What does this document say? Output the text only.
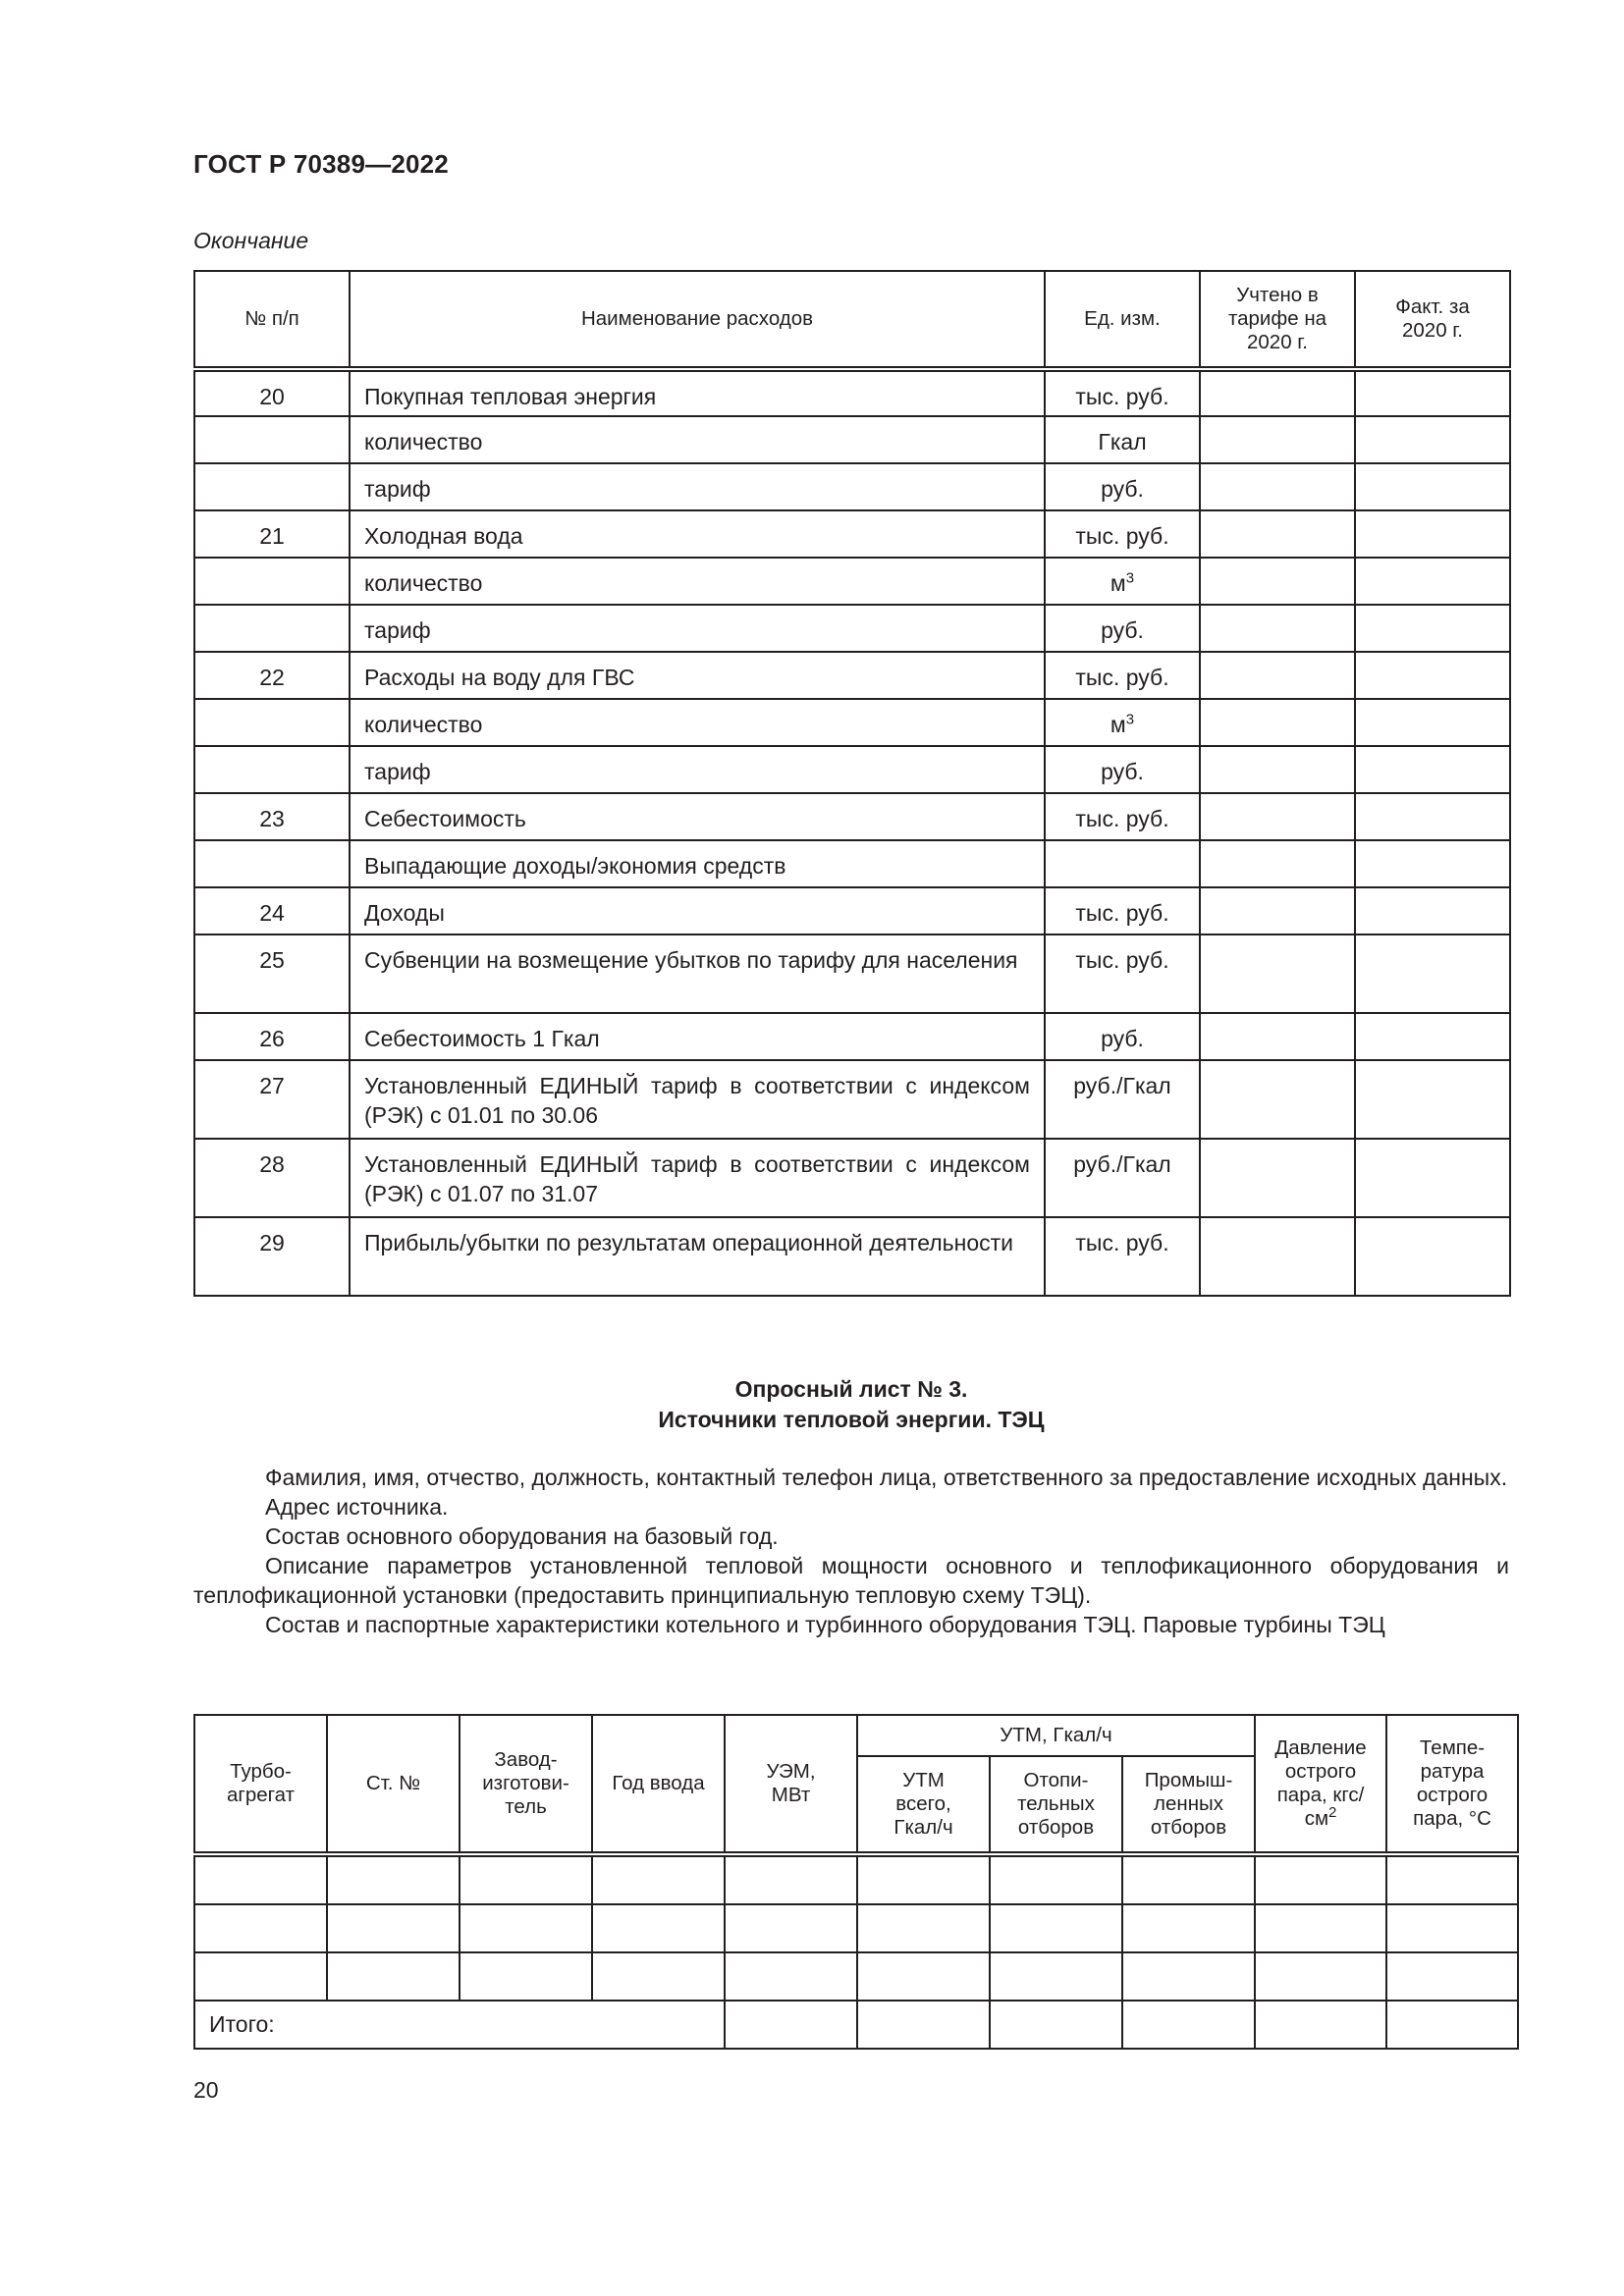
ГОСТ Р 70389—2022
Окончание
№ п/п	Наименование расходов	Ед. изм.	Учтено в тарифе на 2020 г.	Факт. за 2020 г.
20	Покупная тепловая энергия	тыс. руб.		
	количество	Гкал		
	тариф	руб.		
21	Холодная вода	тыс. руб.		
	количество	$м^3$		
	тариф	руб.		
22	Расходы на воду для ГВС	тыс. руб.		
	количество	$м^3$		
	тариф	руб.		
23	Себестоимость	тыс. руб.		
	Выпадающие доходы/экономия средств			
24	Доходы	тыс. руб.		
25	Субвенции на возмещение убытков по тарифу для населения	тыс. руб.		
26	Себестоимость 1 Гкал	руб.		
27	Установленный ЕДИНЫЙ тариф в соответствии с индексом (РЭК) с 01.01 по 30.06	руб./Гкал		
28	Установленный ЕДИНЫЙ тариф в соответствии с индексом (РЭК) с 01.07 по 31.07	руб./Гкал		
29	Прибыль/убытки по результатам операционной деятельности	тыс. руб.		
Опросный лист № 3.
Источники тепловой энергии. ТЭЦ

Фамилия, имя, отчество, должность, контактный телефон лица, ответственного за предоставление исходных данных.

Адрес источника.

Состав основного оборудования на базовый год.

Описание параметров установленной тепловой мощности основного и теплофикационного оборудования и теплофикационной установки (предоставить принципиальную тепловую схему ТЭЦ).

Состав и паспортные характеристики котельного и турбинного оборудования ТЭЦ. Паровые турбины ТЭЦ

Турбо-агрегат	Ст. №	Завод-изготови-тель	Год ввода	УЭМ, МВт	УТМ, Гкал/ч			Давление острого пара, кгс/$см^2$	Темпе-ратура острого пара, °С
					УТМ всего, Гкал/ч	Отопи-тельных отборов	Промыш-ленных отборов		

Итого:									
20
